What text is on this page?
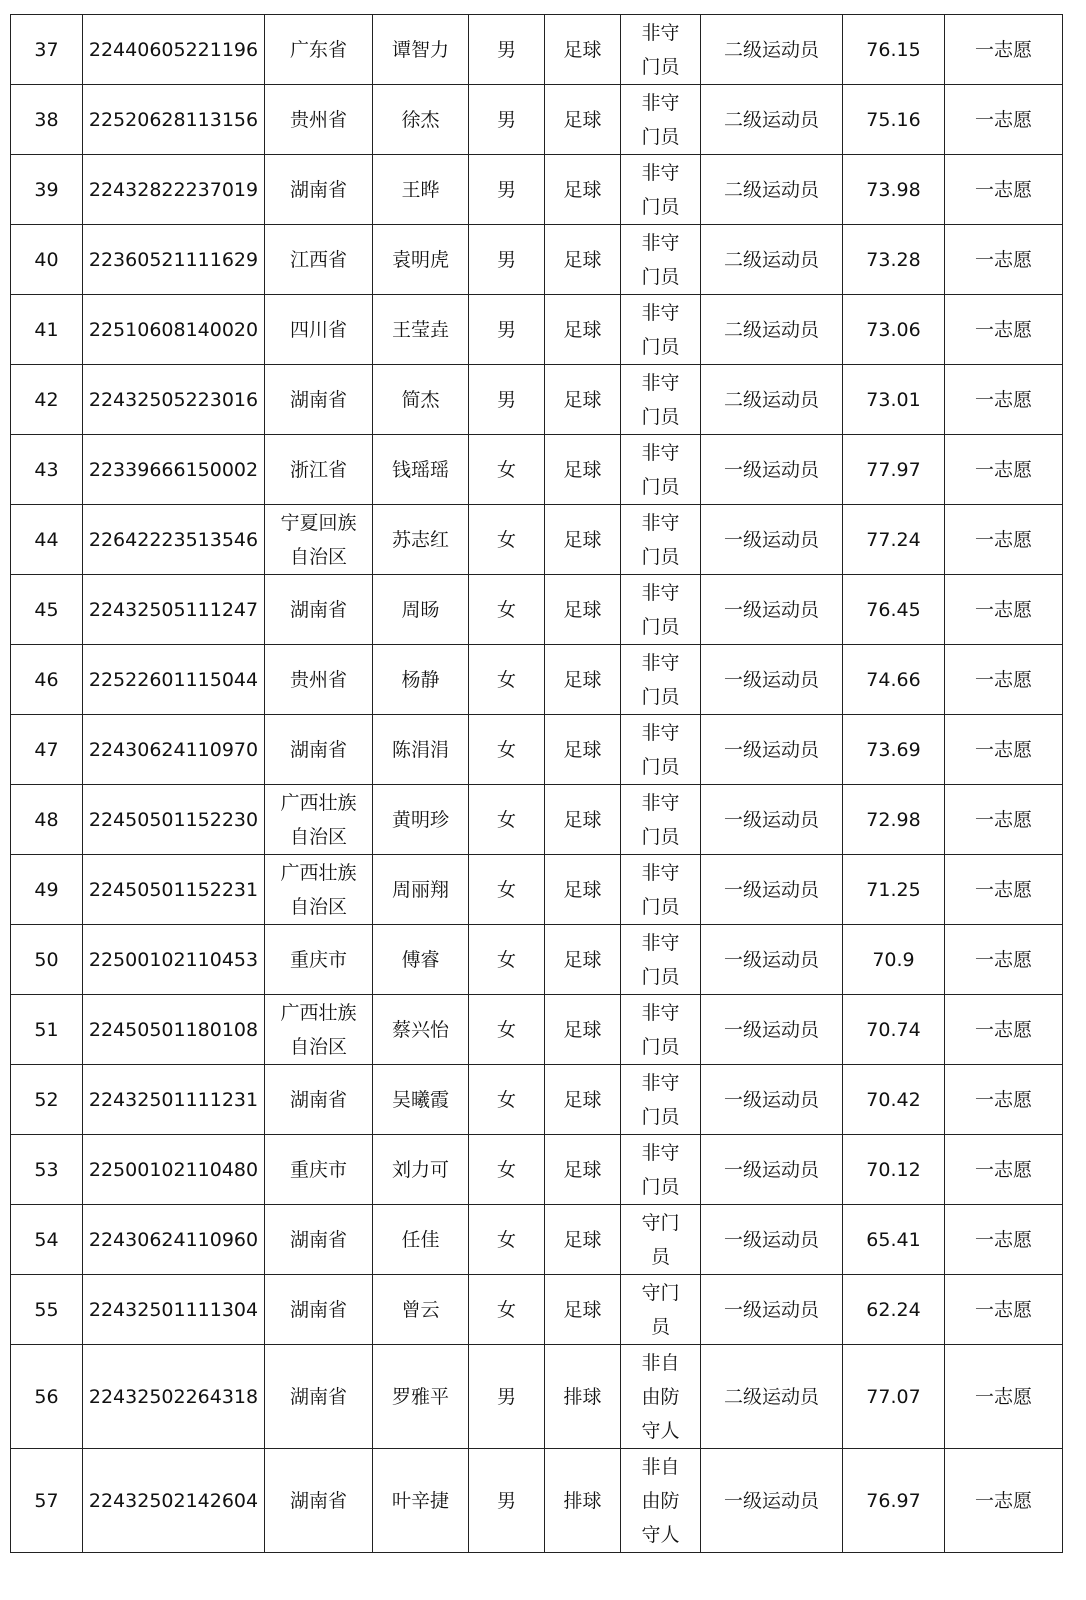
37	22440605221196	广东省	谭智力	男	足球	非守门员	二级运动员	76.15	一志愿
38	22520628113156	贵州省	徐杰	男	足球	非守门员	二级运动员	75.16	一志愿
39	22432822237019	湖南省	王晔	男	足球	非守门员	二级运动员	73.98	一志愿
40	22360521111629	江西省	袁明虎	男	足球	非守门员	二级运动员	73.28	一志愿
41	22510608140020	四川省	王莹垚	男	足球	非守门员	二级运动员	73.06	一志愿
42	22432505223016	湖南省	简杰	男	足球	非守门员	二级运动员	73.01	一志愿
43	22339666150002	浙江省	钱瑶瑶	女	足球	非守门员	一级运动员	77.97	一志愿
44	22642223513546	宁夏回族自治区	苏志红	女	足球	非守门员	一级运动员	77.24	一志愿
45	22432505111247	湖南省	周旸	女	足球	非守门员	一级运动员	76.45	一志愿
46	22522601115044	贵州省	杨静	女	足球	非守门员	一级运动员	74.66	一志愿
47	22430624110970	湖南省	陈涓涓	女	足球	非守门员	一级运动员	73.69	一志愿
48	22450501152230	广西壮族自治区	黄明珍	女	足球	非守门员	一级运动员	72.98	一志愿
49	22450501152231	广西壮族自治区	周丽翔	女	足球	非守门员	一级运动员	71.25	一志愿
50	22500102110453	重庆市	傅睿	女	足球	非守门员	一级运动员	70.9	一志愿
51	22450501180108	广西壮族自治区	蔡兴怡	女	足球	非守门员	一级运动员	70.74	一志愿
52	22432501111231	湖南省	吴曦霞	女	足球	非守门员	一级运动员	70.42	一志愿
53	22500102110480	重庆市	刘力可	女	足球	非守门员	一级运动员	70.12	一志愿
54	22430624110960	湖南省	任佳	女	足球	守门员	一级运动员	65.41	一志愿
55	22432501111304	湖南省	曾云	女	足球	守门员	一级运动员	62.24	一志愿
56	22432502264318	湖南省	罗雅平	男	排球	非自由防守人	二级运动员	77.07	一志愿
57	22432502142604	湖南省	叶辛捷	男	排球	非自由防守人	一级运动员	76.97	一志愿
